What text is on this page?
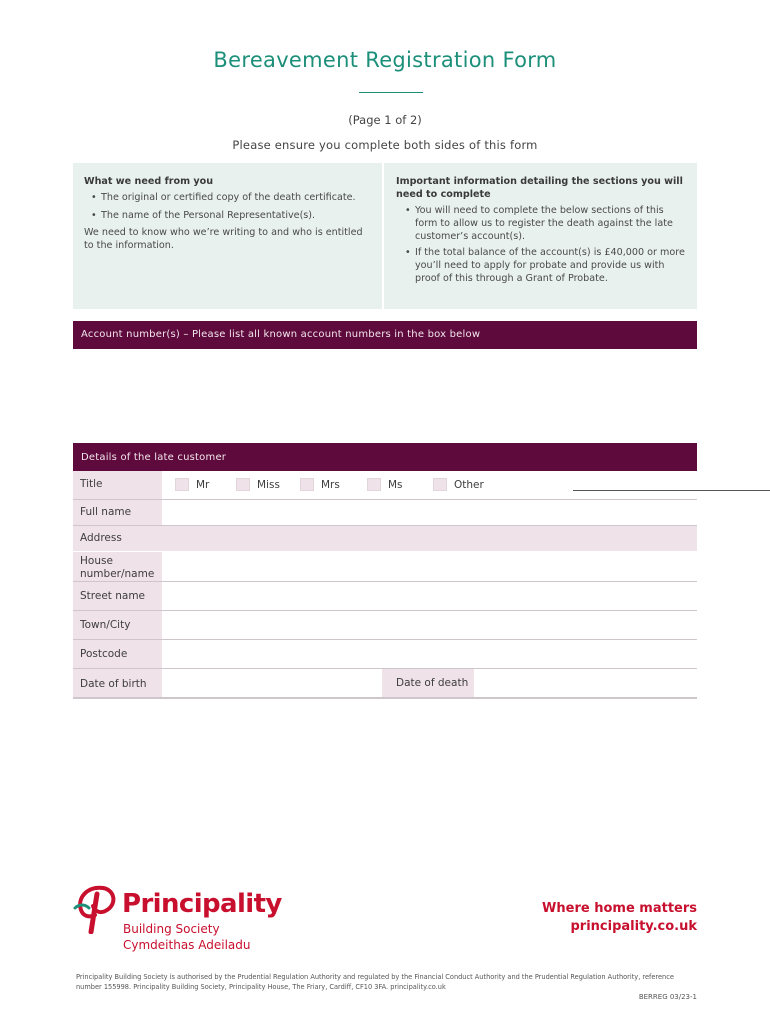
Bereavement Registration Form
(Page 1 of 2)
Please ensure you complete both sides of this form
What we need from you
• The original or certified copy of the death certificate.
• The name of the Personal Representative(s).
We need to know who we’re writing to and who is entitled to the information.
Important information detailing the sections you will need to complete
• You will need to complete the below sections of this form to allow us to register the death against the late customer’s account(s).
• If the total balance of the account(s) is £40,000 or more you’ll need to apply for probate and provide us with proof of this through a Grant of Probate.
Account number(s) – Please list all known account numbers in the box below
Details of the late customer
Title	Mr	Miss	Mrs	Ms	Other
Full name
Address
House number/name
Street name
Town/City
Postcode
Date of birth	Date of death
Principality
Building Society
Cymdeithas Adeiladu
Where home matters
principality.co.uk
Principality Building Society is authorised by the Prudential Regulation Authority and regulated by the Financial Conduct Authority and the Prudential Regulation Authority, reference number 155998. Principality Building Society, Principality House, The Friary, Cardiff, CF10 3FA. principality.co.uk
BERREG 03/23-1
